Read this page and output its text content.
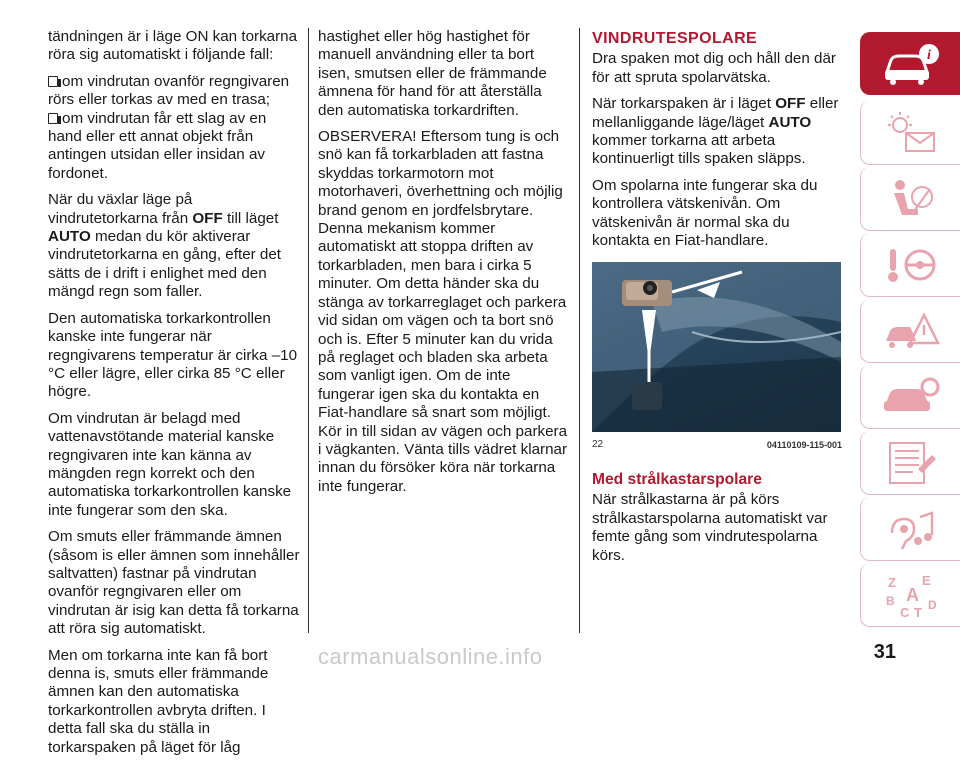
tändningen är i läge ON kan torkarna röra sig automatiskt i följande fall:

om vindrutan ovanför regngivaren rörs eller torkas av med en trasa;

om vindrutan får ett slag av en hand eller ett annat objekt från antingen utsidan eller insidan av fordonet.

När du växlar läge på vindrutetorkarna från OFF till läget AUTO medan du kör aktiverar vindrutetorkarna en gång, efter det sätts de i drift i enlighet med den mängd regn som faller.

Den automatiska torkarkontrollen kanske inte fungerar när regngivarens temperatur är cirka –10 °C eller lägre, eller cirka 85 °C eller högre.

Om vindrutan är belagd med vattenavstötande material kanske regngivaren inte kan känna av mängden regn korrekt och den automatiska torkarkontrollen kanske inte fungerar som den ska.

Om smuts eller främmande ämnen (såsom is eller ämnen som innehåller saltvatten) fastnar på vindrutan ovanför regngivaren eller om vindrutan är isig kan detta få torkarna att röra sig automatiskt.

Men om torkarna inte kan få bort denna is, smuts eller främmande ämnen kan den automatiska torkarkontrollen avbryta driften. I detta fall ska du ställa in torkarspaken på läget för låg

hastighet eller hög hastighet för manuell användning eller ta bort isen, smutsen eller de främmande ämnena för hand för att återställa den automatiska torkardriften.

OBSERVERA! Eftersom tung is och snö kan få torkarbladen att fastna skyddas torkarmotorn mot motorhaveri, överhettning och möjlig brand genom en jordfelsbrytare. Denna mekanism kommer automatiskt att stoppa driften av torkarbladen, men bara i cirka 5 minuter. Om detta händer ska du stänga av torkarreglaget och parkera vid sidan om vägen och ta bort snö och is. Efter 5 minuter kan du vrida på reglaget och bladen ska arbeta som vanligt igen. Om de inte fungerar igen ska du kontakta en Fiat-handlare så snart som möjligt. Kör in till sidan av vägen och parkera i vägkanten. Vänta tills vädret klarnar innan du försöker köra när torkarna inte fungerar.

VINDRUTESPOLARE

Dra spaken mot dig och håll den där för att spruta spolarvätska.

När torkarspaken är i läget OFF eller mellanliggande läge/läget AUTO kommer torkarna att arbeta kontinuerligt tills spaken släpps.

Om spolarna inte fungerar ska du kontrollera vätskenivån. Om vätskenivån är normal ska du kontakta en Fiat-handlare.

22	04110109-115-001
Med strålkastarspolare

När strålkastarna är på körs strålkastarspolarna automatiskt var femte gång som vindrutespolarna körs.

i
Z E
B A
C T D
31
carmanualsonline.info
